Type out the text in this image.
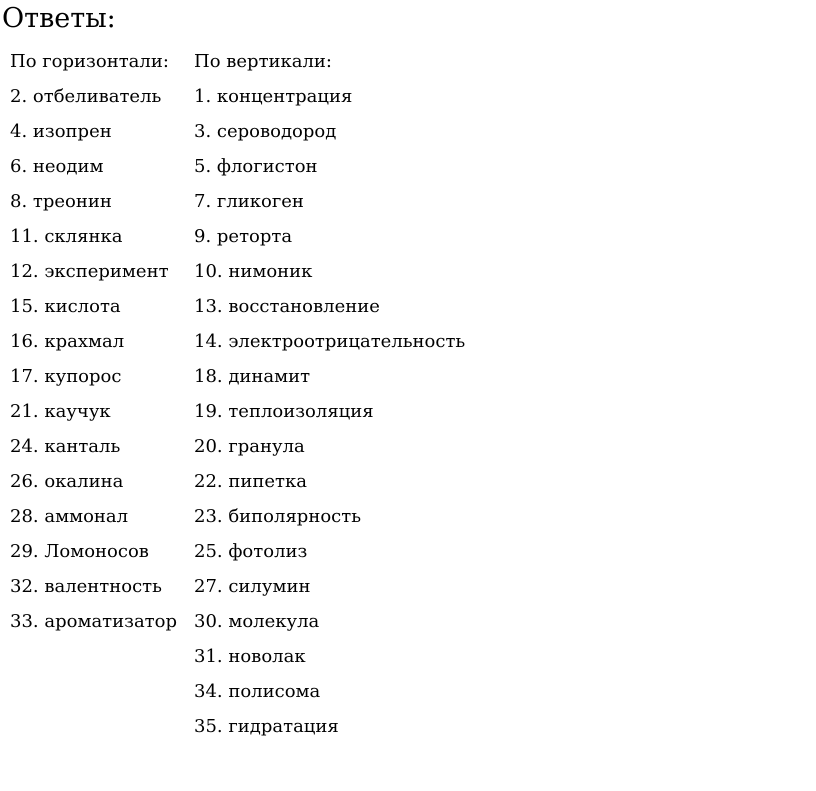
Ответы:
По горизонтали:
2. отбеливатель
4. изопрен
6. неодим
8. треонин
11. склянка
12. эксперимент
15. кислота
16. крахмал
17. купорос
21. каучук
24. канталь
26. окалина
28. аммонал
29. Ломоносов
32. валентность
33. ароматизатор
По вертикали:
1. концентрация
3. сероводород
5. флогистон
7. гликоген
9. реторта
10. нимоник
13. восстановление
14. электроотрицательность
18. динамит
19. теплоизоляция
20. гранула
22. пипетка
23. биполярность
25. фотолиз
27. силумин
30. молекула
31. новолак
34. полисома
35. гидратация
